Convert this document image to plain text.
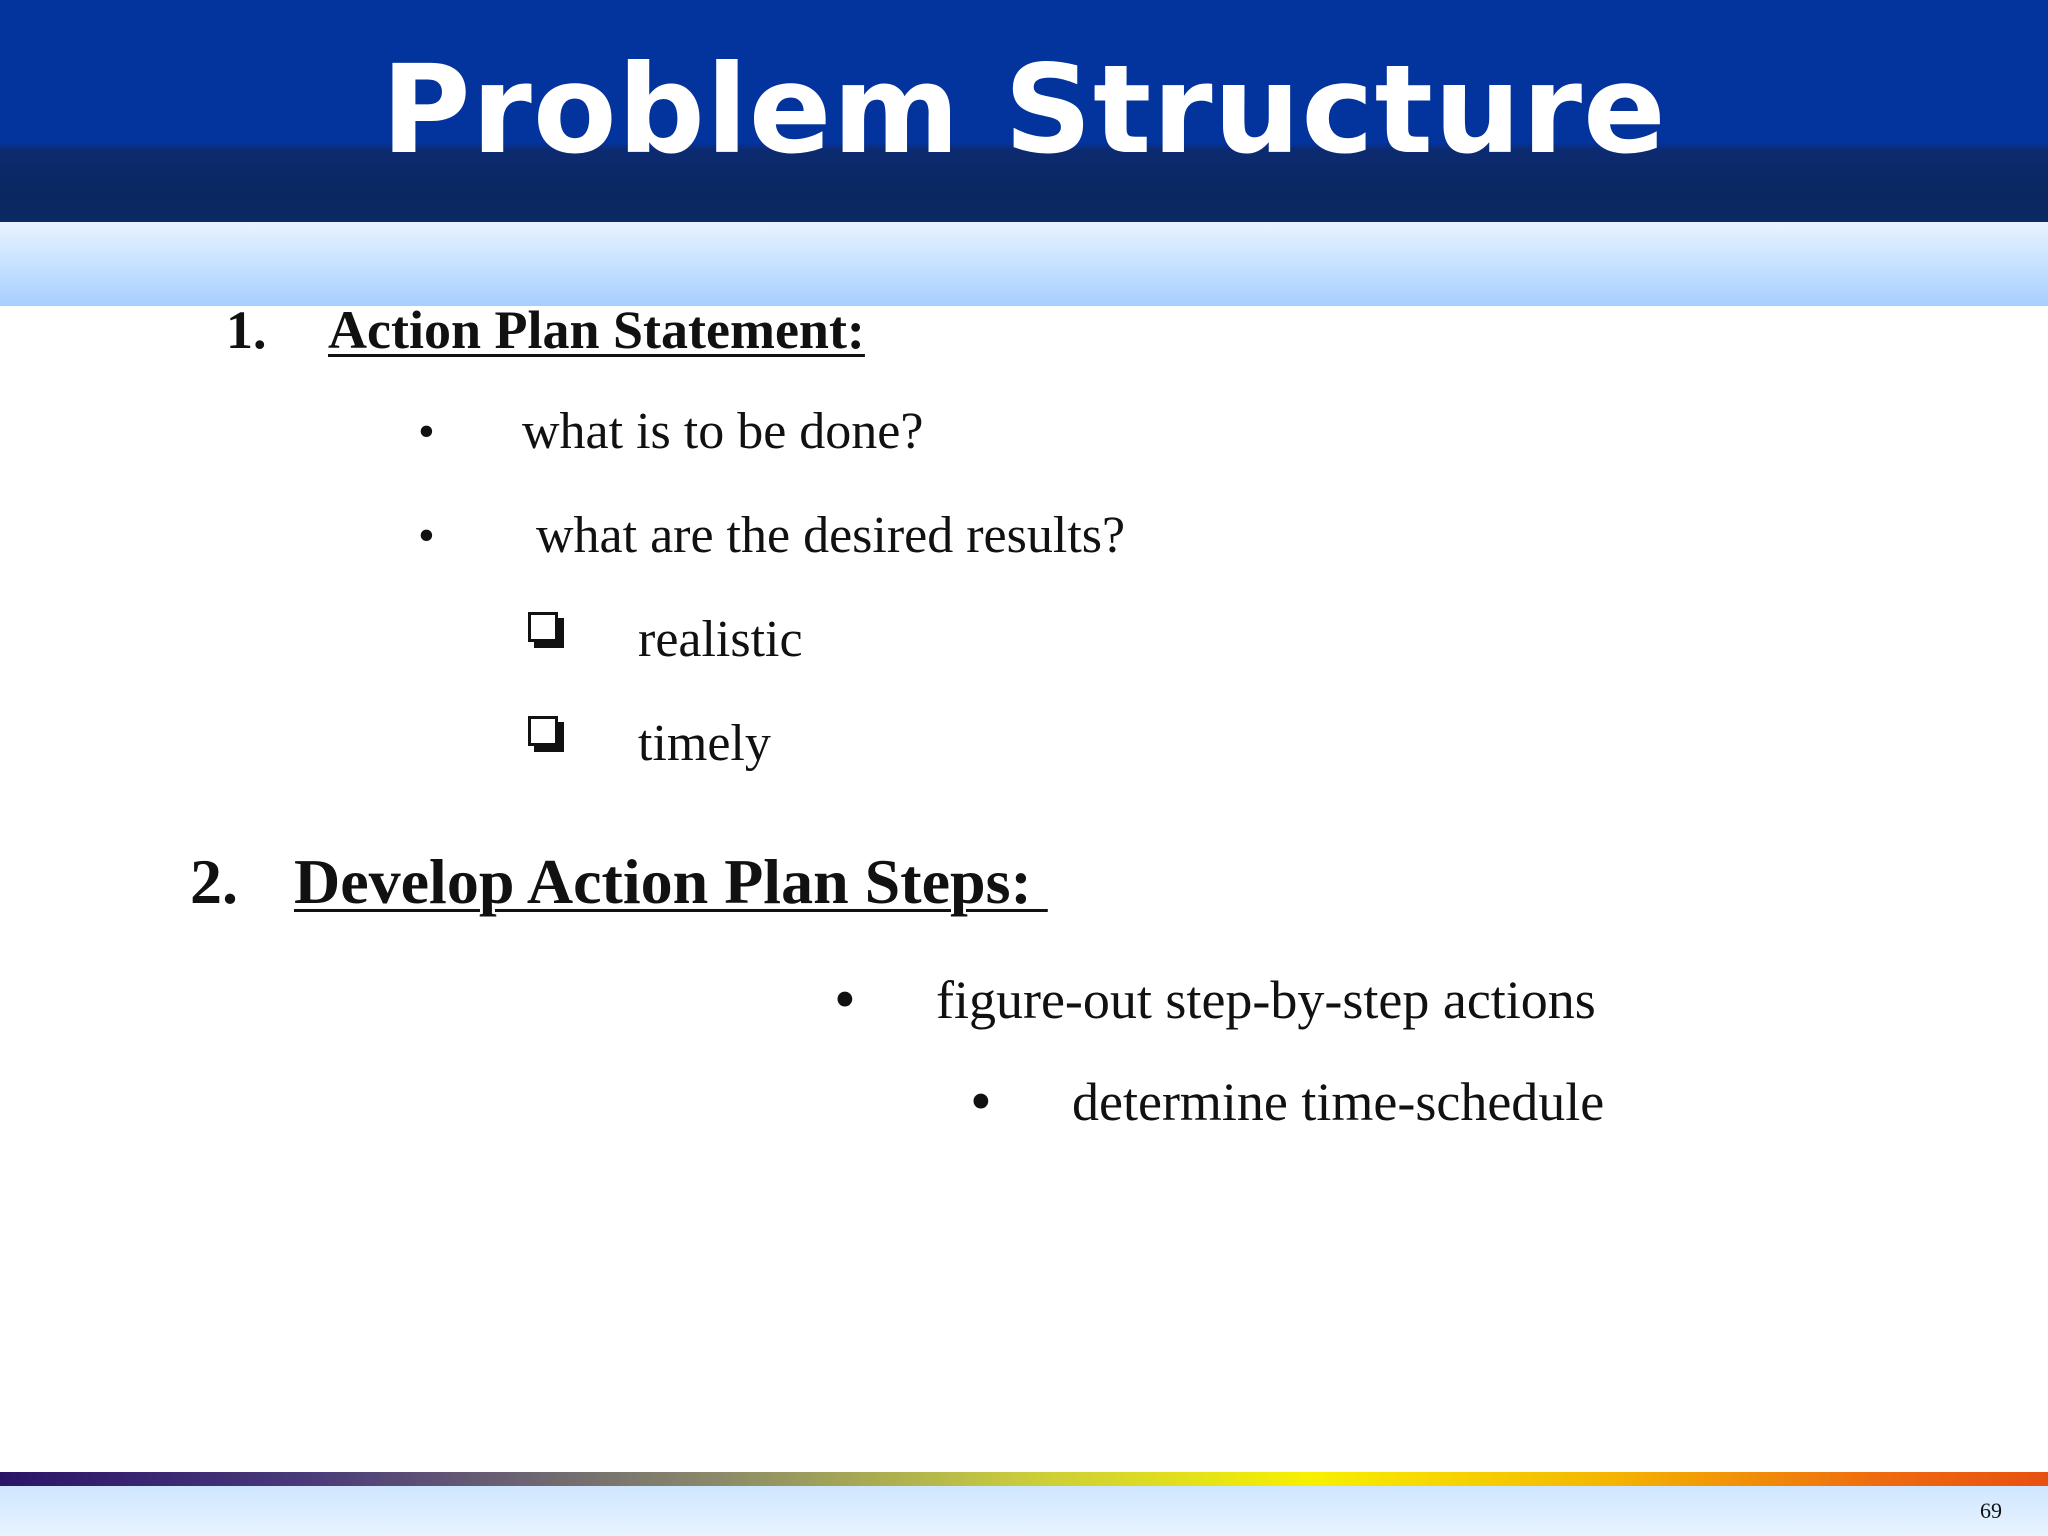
Problem Structure
1. Action Plan Statement:
• what is to be done?
• what are the desired results?
realistic
timely
2. Develop Action Plan Steps:
• figure-out step-by-step actions
• determine time-schedule
69
